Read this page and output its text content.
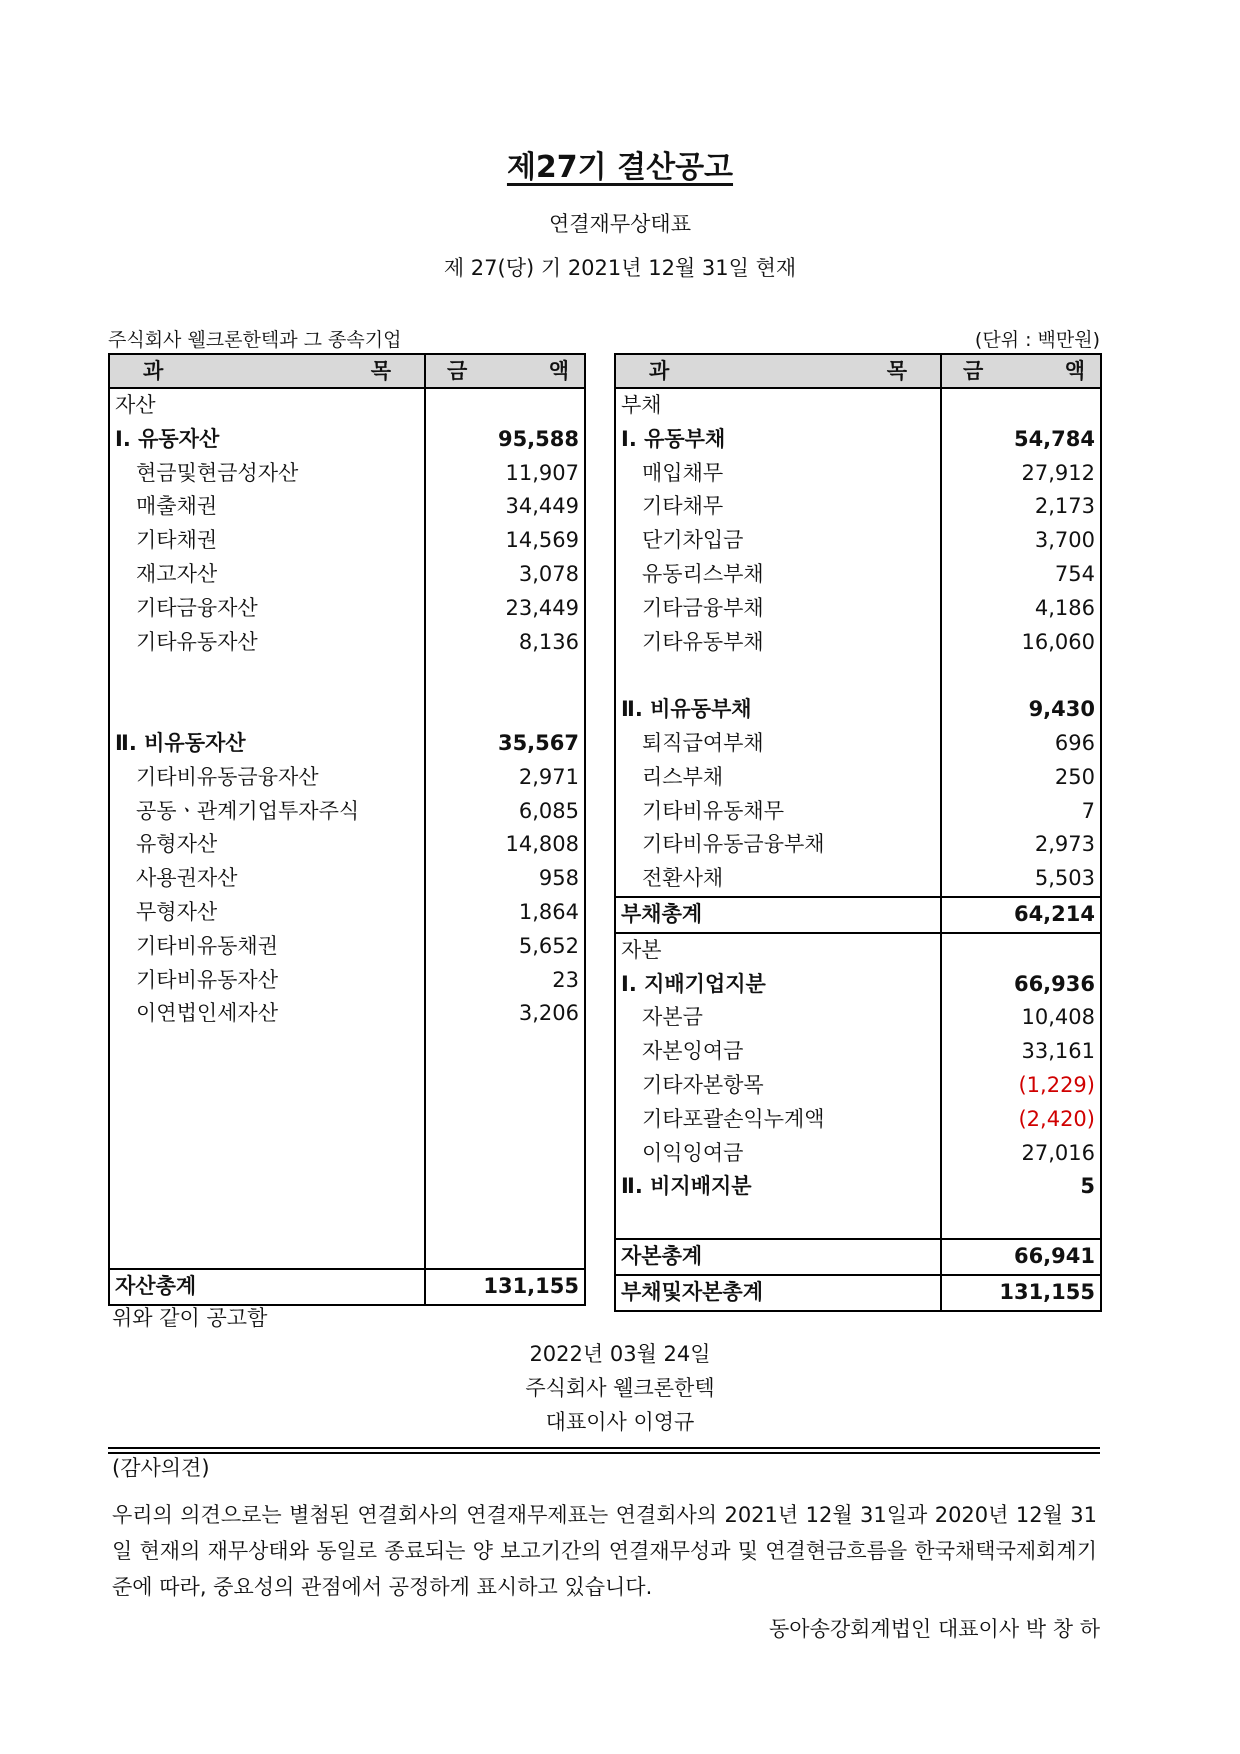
제27기 결산공고
연결재무상태표
제 27(당) 기 2021년 12월 31일 현재
주식회사 웰크론한텍과 그 종속기업	(단위 : 백만원)
과 목	금 액

자산	
Ⅰ. 유동자산	95,588
　현금및현금성자산	11,907
　매출채권	34,449
　기타채권	14,569
　재고자산	3,078
　기타금융자산	23,449
　기타유동자산	8,136

Ⅱ. 비유동자산	35,567
　기타비유동금융자산	2,971
　공동ㆍ관계기업투자주식	6,085
　유형자산	14,808
　사용권자산	958
　무형자산	1,864
　기타비유동채권	5,652
　기타비유동자산	23
　이연법인세자산	3,206

자산총계	131,155
과 목	금 액

부채	
Ⅰ. 유동부채	54,784
　매입채무	27,912
　기타채무	2,173
　단기차입금	3,700
　유동리스부채	754
　기타금융부채	4,186
　기타유동부채	16,060

Ⅱ. 비유동부채	9,430
　퇴직급여부채	696
　리스부채	250
　기타비유동채무	7
　기타비유동금융부채	2,973
　전환사채	5,503
부채총계	64,214
자본	
Ⅰ. 지배기업지분	66,936
　자본금	10,408
　자본잉여금	33,161
　기타자본항목	(1,229)
　기타포괄손익누계액	(2,420)
　이익잉여금	27,016
Ⅱ. 비지배지분	5

자본총계	66,941
부채및자본총계	131,155
위와 같이 공고함
2022년 03월 24일
주식회사 웰크론한텍
대표이사 이영규
(감사의견)
우리의 의견으로는 별첨된 연결회사의 연결재무제표는 연결회사의 2021년 12월 31일과 2020년 12월 31일 현재의 재무상태와 동일로 종료되는 양 보고기간의 연결재무성과 및 연결현금흐름을 한국채택국제회계기준에 따라, 중요성의 관점에서 공정하게 표시하고 있습니다.
동아송강회계법인 대표이사 박 창 하
